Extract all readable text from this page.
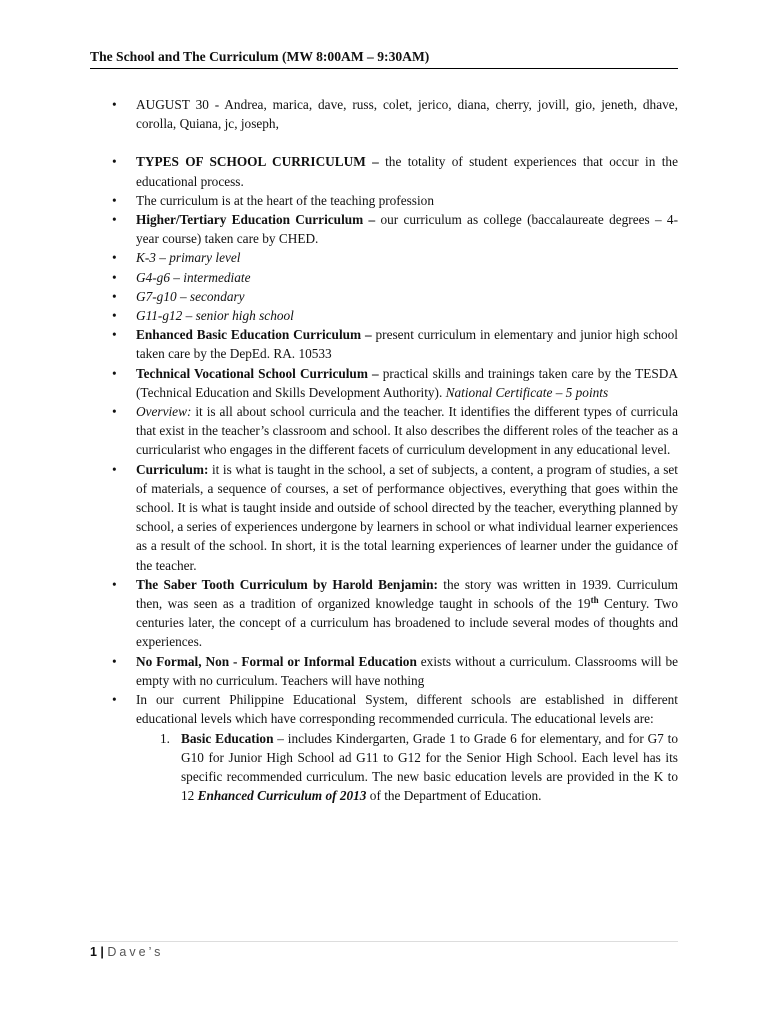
The School and The Curriculum (MW 8:00AM – 9:30AM)
•	AUGUST 30 - Andrea, marica, dave, russ, colet, jerico, diana, cherry, jovill, gio, jeneth, dhave, corolla, Quiana, jc, joseph,
•	TYPES OF SCHOOL CURRICULUM – the totality of student experiences that occur in the educational process.
•	The curriculum is at the heart of the teaching profession
•	Higher/Tertiary Education Curriculum – our curriculum as college (baccalaureate degrees – 4-year course) taken care by CHED.
•	K-3 – primary level
•	G4-g6 – intermediate
•	G7-g10 – secondary
•	G11-g12 – senior high school
•	Enhanced Basic Education Curriculum – present curriculum in elementary and junior high school taken care by the DepEd. RA. 10533
•	Technical Vocational School Curriculum – practical skills and trainings taken care by the TESDA (Technical Education and Skills Development Authority). National Certificate – 5 points
•	Overview: it is all about school curricula and the teacher. It identifies the different types of curricula that exist in the teacher’s classroom and school. It also describes the different roles of the teacher as a curricularist who engages in the different facets of curriculum development in any educational level.
•	Curriculum: it is what is taught in the school, a set of subjects, a content, a program of studies, a set of materials, a sequence of courses, a set of performance objectives, everything that goes within the school. It is what is taught inside and outside of school directed by the teacher, everything planned by school, a series of experiences undergone by learners in school or what individual learner experiences as a result of the school. In short, it is the total learning experiences of learner under the guidance of the teacher.
•	The Saber Tooth Curriculum by Harold Benjamin: the story was written in 1939. Curriculum then, was seen as a tradition of organized knowledge taught in schools of the 19th Century. Two centuries later, the concept of a curriculum has broadened to include several modes of thoughts and experiences.
•	No Formal, Non - Formal or Informal Education exists without a curriculum. Classrooms will be empty with no curriculum. Teachers will have nothing
•	In our current Philippine Educational System, different schools are established in different educational levels which have corresponding recommended curricula. The educational levels are:
1. Basic Education – includes Kindergarten, Grade 1 to Grade 6 for elementary, and for G7 to G10 for Junior High School ad G11 to G12 for the Senior High School. Each level has its specific recommended curriculum. The new basic education levels are provided in the K to 12 Enhanced Curriculum of 2013 of the Department of Education.
1 | Dave’s
